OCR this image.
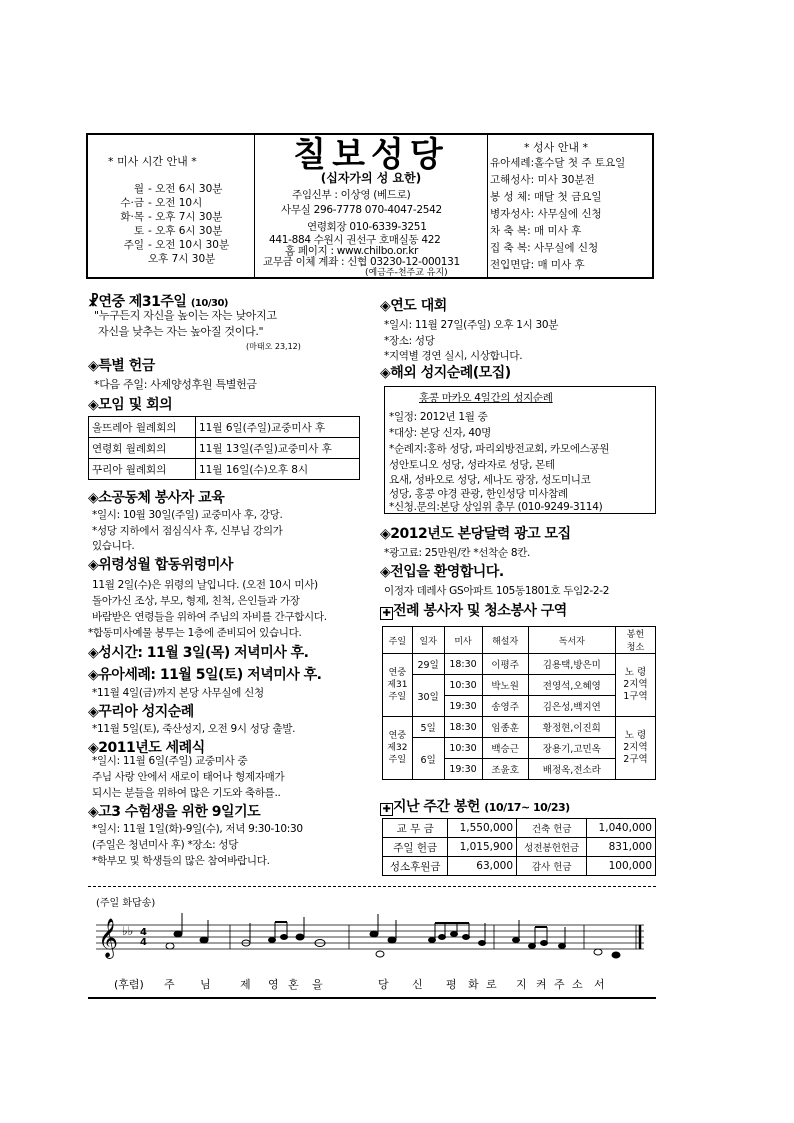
* 미사 시간 안내 *
월 - 오전 6시 30분
수·금 - 오전 10시
화·목 - 오후 7시 30분
토 - 오후 6시 30분
주일 - 오전 10시 30분
오후 7시 30분
칠보성당
(십자가의 성 요한)
주임신부 : 이상영 (베드로)
사무실 296-7778 070-4047-2542
연령회장 010-6339-3251
441-884 수원시 권선구 호매실동 422
홈 페이지 : www.chilbo.or.kr
교무금 이체 계좌 : 신협 03230-12-000131
(예금주-천주교 유지)
* 성사 안내 *
유아세례:홀수달 첫 주 토요일
고해성사: 미사 30분전
봉 성 체: 매달 첫 금요일
병자성사: 사무실에 신청
차 축 복: 매 미사 후
집 축 복: 사무실에 신청
전입면담: 매 미사 후
☧연중 제31주일 (10/30)
"누구든지 자신을 높이는 자는 낮아지고
자신을 낮추는 자는 높아질 것이다."
(마태오 23,12)
◈특별 헌금
*다음 주일: 사제양성후원 특별헌금
◈모임 및 회의
울뜨레아 월례회의	11월 6일(주일)교중미사 후
연령회 월례회의	11월 13일(주일)교중미사 후
꾸리아 월례회의	11월 16일(수)오후 8시
◈소공동체 봉사자 교육
*일시: 10월 30일(주일) 교중미사 후, 강당.
*성당 지하에서 점심식사 후, 신부님 강의가
있습니다.
◈위령성월 합동위령미사
11월 2일(수)은 위령의 날입니다. (오전 10시 미사)
돌아가신 조상, 부모, 형제, 친척, 은인들과 가장
바람받은 연령들을 위하여 주님의 자비를 간구합시다.
*합동미사예물 봉투는 1층에 준비되어 있습니다.
◈성시간: 11월 3일(목) 저녁미사 후.
◈유아세례: 11월 5일(토) 저녁미사 후.
*11월 4일(금)까지 본당 사무실에 신청
◈꾸리아 성지순례
*11월 5일(토), 죽산성지, 오전 9시 성당 출발.
◈2011년도 세례식
*일시: 11월 6일(주일) 교중미사 중
주님 사랑 안에서 새로이 태어나 형제자매가
되시는 분들을 위하여 많은 기도와 축하를..
◈고3 수험생을 위한 9일기도
*일시: 11월 1일(화)-9일(수), 저녁 9:30-10:30
(주일은 청년미사 후) *장소: 성당
*학부모 및 학생들의 많은 참여바랍니다.
◈연도 대회
*일시: 11월 27일(주일) 오후 1시 30분
*장소: 성당
*지역별 경연 실시, 시상합니다.
◈해외 성지순례(모집)
홍콩 마카오 4일간의 성지순례
*일정: 2012년 1월 중
*대상: 본당 신자, 40명
*순례지:홍하 성당, 파리외방전교회, 카모에스공원
성안토니오 성당, 성라자로 성당, 몬테
요새, 성바오로 성당, 세나도 광장, 성도미니코
성당, 홍콩 야경 관광, 한인성당 미사참례
*신청.문의:본당 상임위 총무 (010-9249-3114)
◈2012년도 본당달력 광고 모집
*광고료: 25만원/칸 *선착순 8칸.
◈전입을 환영합니다.
이정자 데레사 GS아파트 105동1801호 두임2-2-2
✚ 전례 봉사자 및 청소봉사 구역
주일	일자	미사	해설자	독서자	봉헌
청소
연중
제31
주일	29일	18:30	이평주	김용택,방은미	노 령
2지역
1구역
	30일	10:30	박노원	전영석,오혜영	
		19:30	송영주	김은성,백지연	
연중
제32
주일	5일	18:30	임종훈	황정현,이진희	노 령
2지역
2구역
	6일	10:30	백승근	장용기,고민옥	
		19:30	조윤호	배정옥,전소라	
✚ 지난 주간 봉헌 (10/17~ 10/23)
교 무 금	1,550,000	건축 헌금	1,040,000
주일 헌금	1,015,900	성전봉헌헌금	831,000
성소후원금	63,000	감사 헌금	100,000
(주일 화답송)
𝄞 ♭♭ 4
4
(후렴) 주 님	제 영 혼 을	당 신 평 화 로 지 켜 주 소 서
